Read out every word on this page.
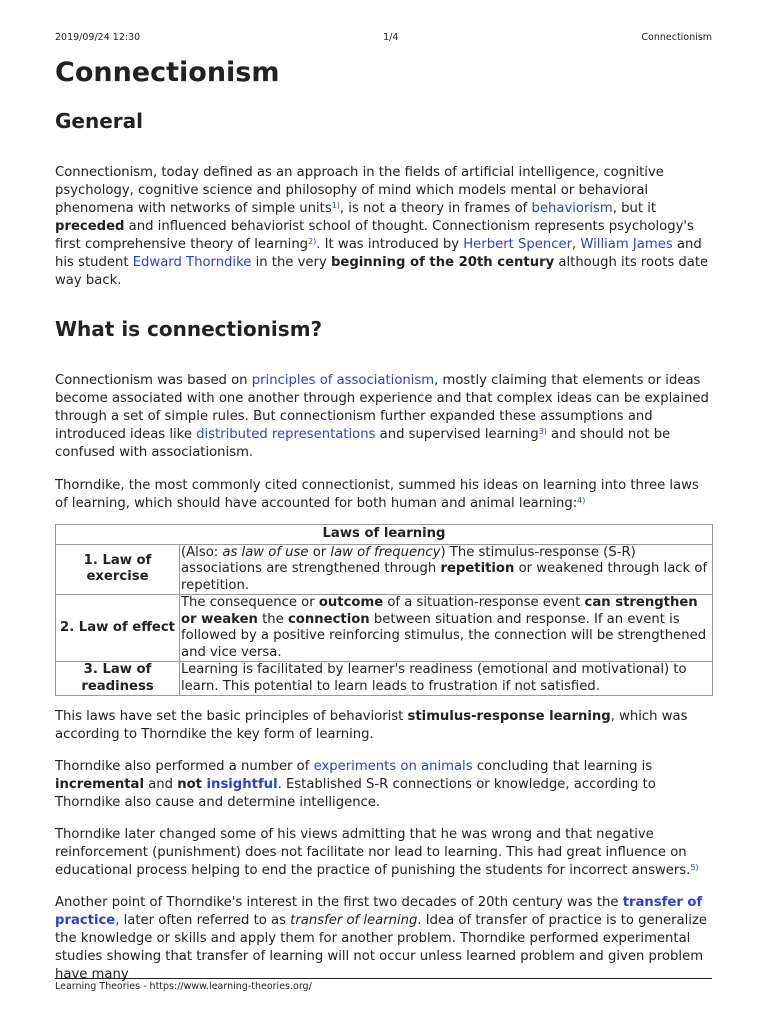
2019/09/24 12:30	1/4	Connectionism
Connectionism
General

Connectionism, today defined as an approach in the fields of artificial intelligence, cognitive psychology, cognitive science and philosophy of mind which models mental or behavioral phenomena with networks of simple units$^{1)}$, is not a theory in frames of behaviorism, but it preceded and influenced behaviorist school of thought. Connectionism represents psychology's first comprehensive theory of learning$^{2)}$. It was introduced by Herbert Spencer, William James and his student Edward Thorndike in the very beginning of the 20th century although its roots date way back.

What is connectionism?

Connectionism was based on principles of associationism, mostly claiming that elements or ideas become associated with one another through experience and that complex ideas can be explained through a set of simple rules. But connectionism further expanded these assumptions and introduced ideas like distributed representations and supervised learning$^{3)}$ and should not be confused with associationism.

Thorndike, the most commonly cited connectionist, summed his ideas on learning into three laws of learning, which should have accounted for both human and animal learning:$^{4)}$

Laws of learning	
1. Law of exercise	(Also: as law of use or law of frequency) The stimulus-response (S-R) associations are strengthened through repetition or weakened through lack of repetition.
2. Law of effect	The consequence or outcome of a situation-response event can strengthen or weaken the connection between situation and response. If an event is followed by a positive reinforcing stimulus, the connection will be strengthened and vice versa.
3. Law of readiness	Learning is facilitated by learner's readiness (emotional and motivational) to learn. This potential to learn leads to frustration if not satisfied.

This laws have set the basic principles of behaviorist stimulus-response learning, which was according to Thorndike the key form of learning.

Thorndike also performed a number of experiments on animals concluding that learning is incremental and not insightful. Established S-R connections or knowledge, according to Thorndike also cause and determine intelligence.

Thorndike later changed some of his views admitting that he was wrong and that negative reinforcement (punishment) does not facilitate nor lead to learning. This had great influence on educational process helping to end the practice of punishing the students for incorrect answers.$^{5)}$

Another point of Thorndike's interest in the first two decades of 20th century was the transfer of practice, later often referred to as transfer of learning. Idea of transfer of practice is to generalize the knowledge or skills and apply them for another problem. Thorndike performed experimental studies showing that transfer of learning will not occur unless learned problem and given problem have many

Learning Theories - https://www.learning-theories.org/
